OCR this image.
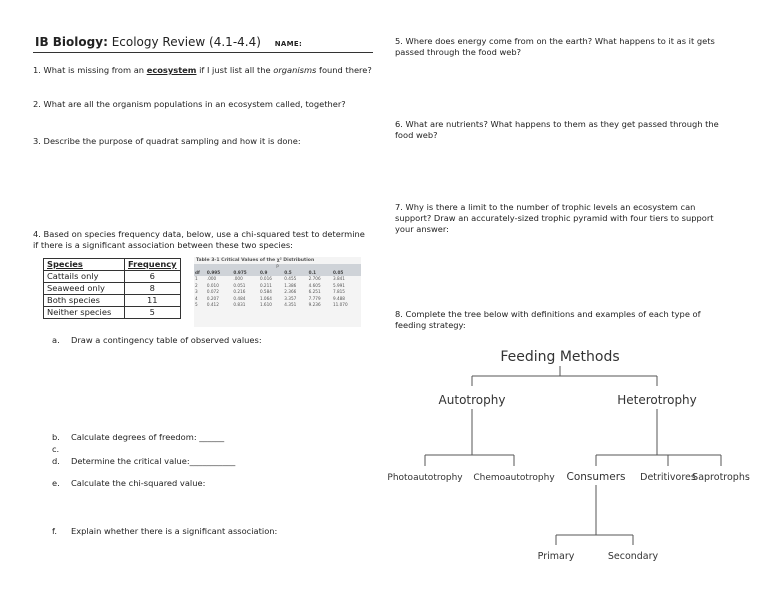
IB Biology: Ecology Review (4.1-4.4) NAME:
1. What is missing from an ecosystem if I just list all the organisms found there?
2. What are all the organism populations in an ecosystem called, together?
3. Describe the purpose of quadrat sampling and how it is done:
4. Based on species frequency data, below, use a chi-squared test to determine
if there is a significant association between these two species:
Species	Frequency
Cattails only	6
Seaweed only	8
Both species	11
Neither species	5
Table 3-1 Critical Values of the χ² Distribution
P						
df	0.995	0.975	0.9	0.5	0.1	0.05
1	.000	.000	0.016	0.455	2.706	3.841
2	0.010	0.051	0.211	1.386	4.605	5.991
3	0.072	0.216	0.584	2.366	6.251	7.815
4	0.207	0.484	1.064	3.357	7.779	9.488
5	0.412	0.831	1.610	4.351	9.236	11.070
a. Draw a contingency table of observed values:
b. Calculate degrees of freedom: ______
c.
d. Determine the critical value:___________
e. Calculate the chi-squared value:
f. Explain whether there is a significant association:
5. Where does energy come from on the earth? What happens to it as it gets
passed through the food web?
6. What are nutrients? What happens to them as they get passed through the
food web?
7. Why is there a limit to the number of trophic levels an ecosystem can
support? Draw an accurately-sized trophic pyramid with four tiers to support
your answer:
8. Complete the tree below with definitions and examples of each type of
feeding strategy:
Feeding Methods
Autotrophy	Heterotrophy
Photoautotrophy Chemoautotrophy Consumers Detritivores
Saprotrophs
Primary	Secondary
